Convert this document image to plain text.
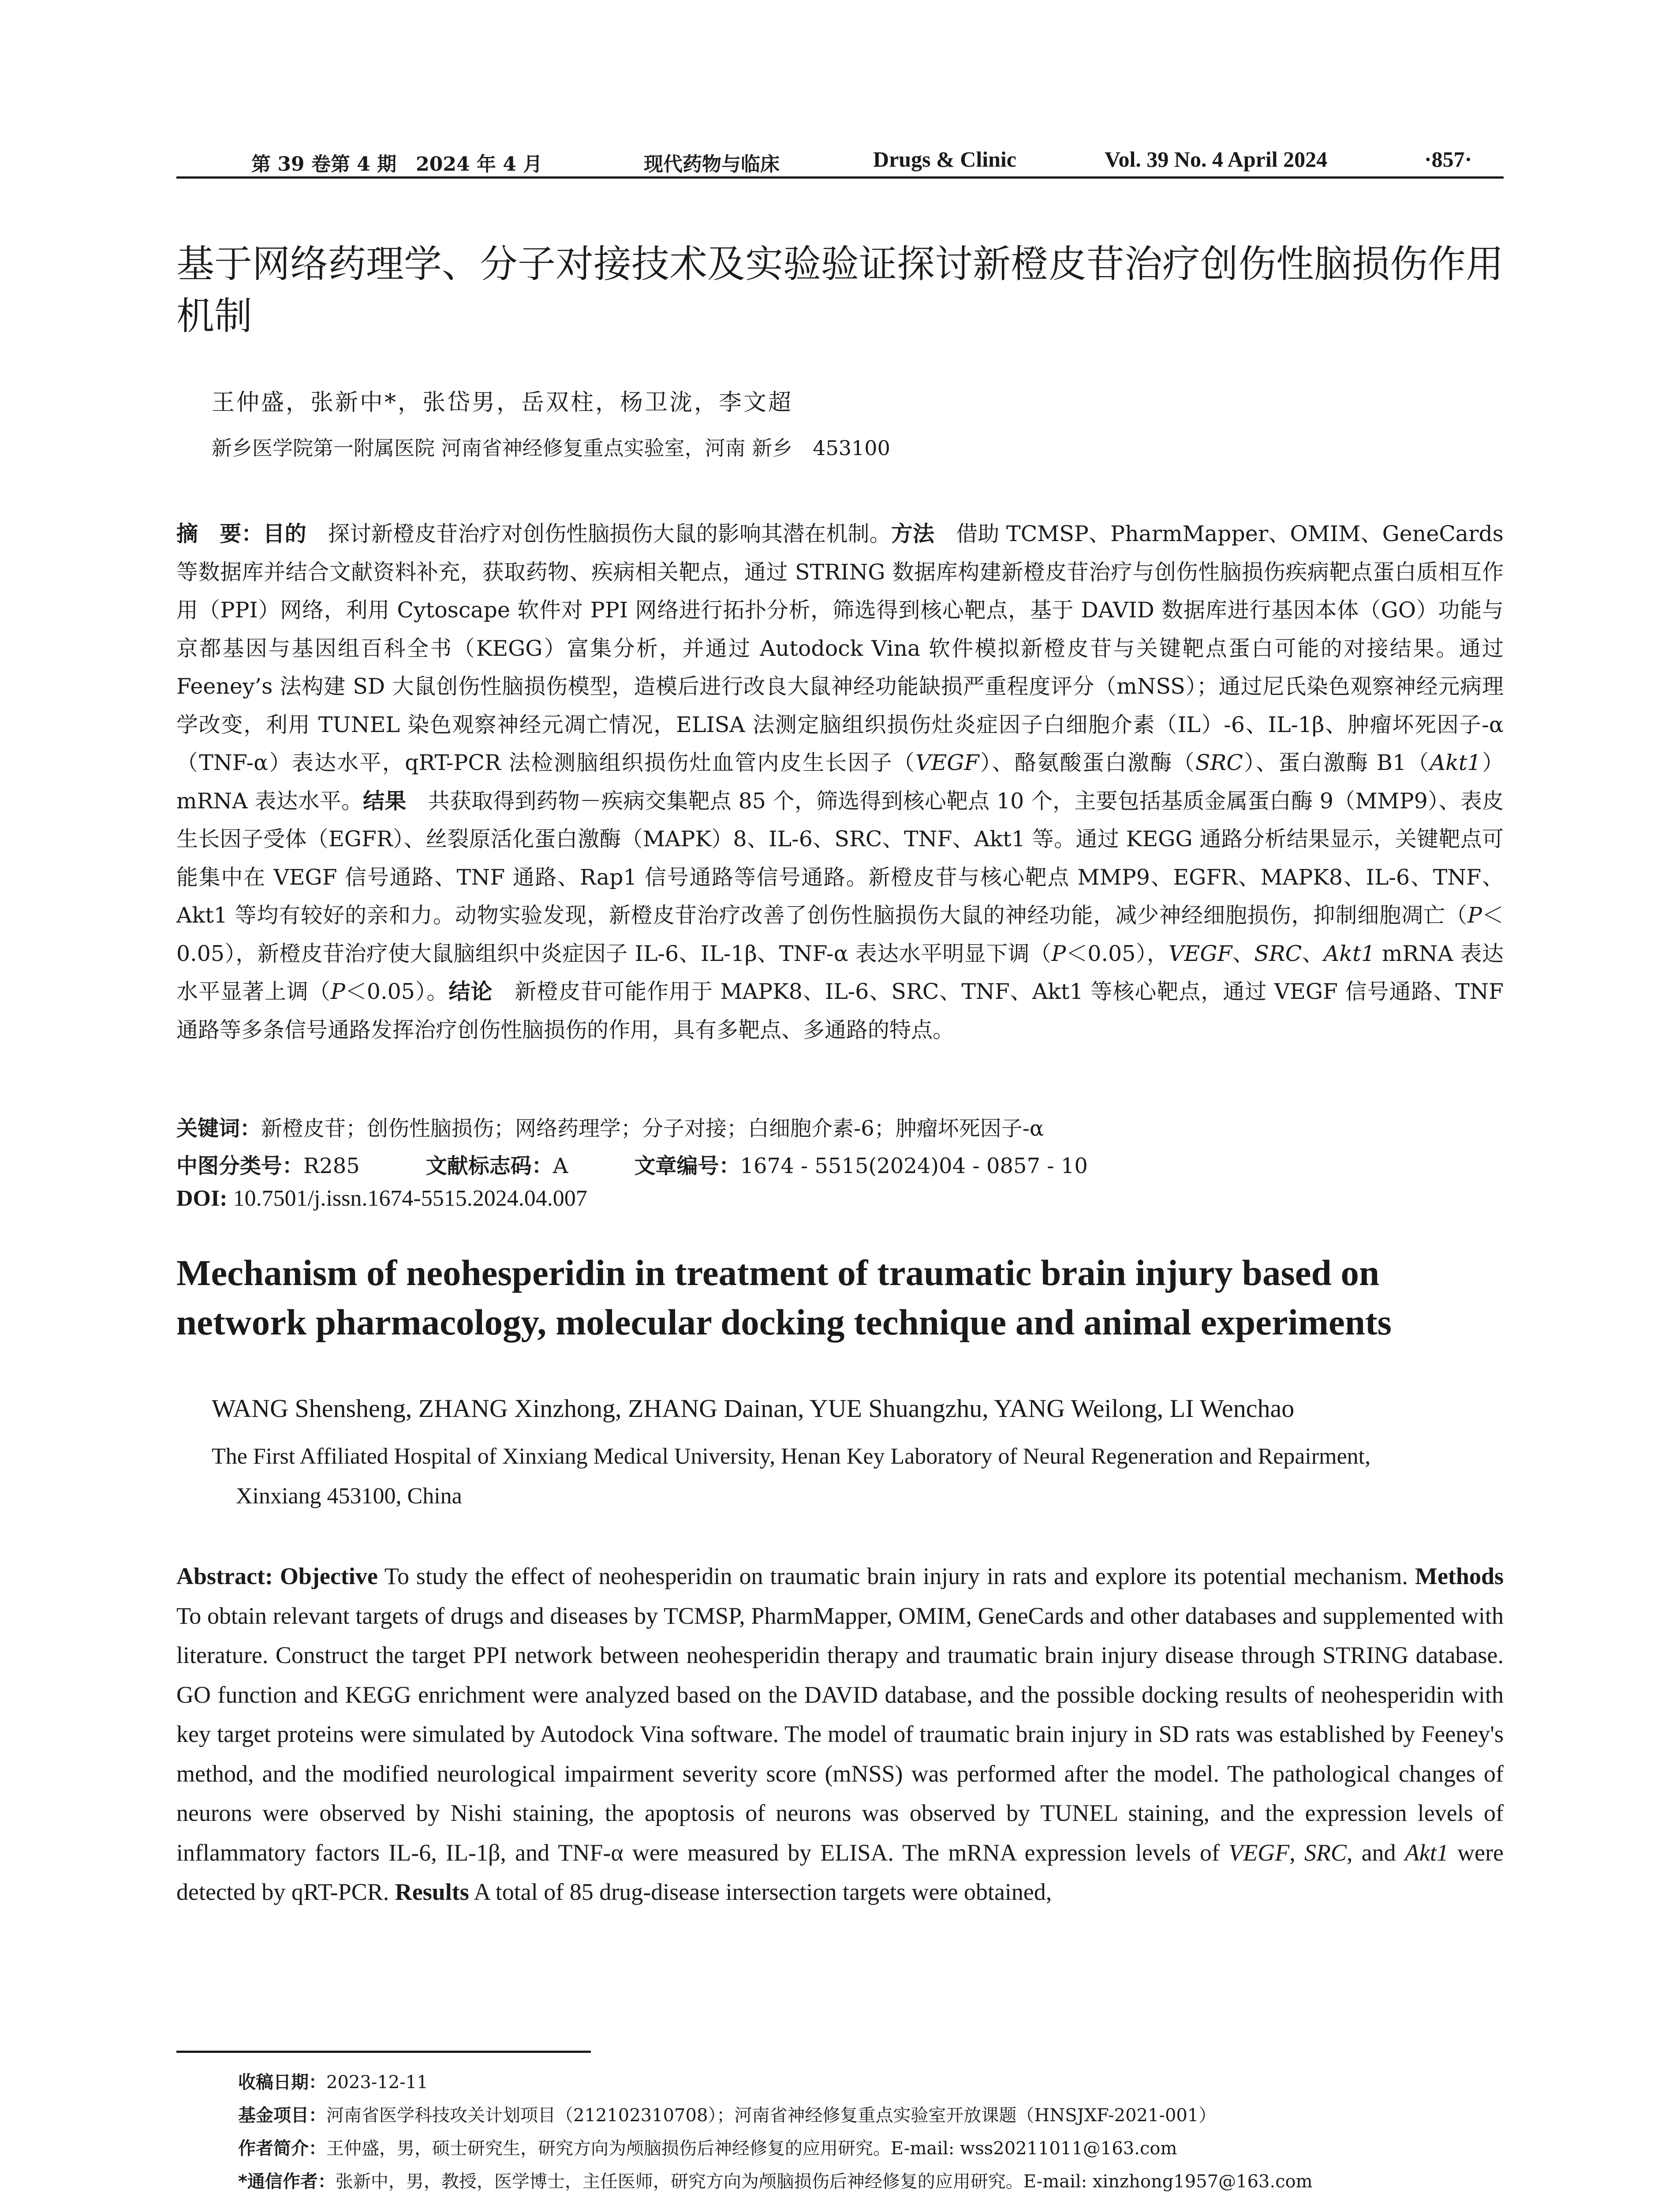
第 39 卷第 4 期　2024 年 4 月	现代药物与临床	Drugs & Clinic	Vol. 39 No. 4 April 2024	·857·
基于网络药理学、分子对接技术及实验验证探讨新橙皮苷治疗创伤性脑损伤作用机制
王仲盛，张新中*，张岱男，岳双柱，杨卫泷，李文超
新乡医学院第一附属医院 河南省神经修复重点实验室，河南 新乡　453100
摘　要：目的　探讨新橙皮苷治疗对创伤性脑损伤大鼠的影响其潜在机制。方法　借助 TCMSP、PharmMapper、OMIM、GeneCards 等数据库并结合文献资料补充，获取药物、疾病相关靶点，通过 STRING 数据库构建新橙皮苷治疗与创伤性脑损伤疾病靶点蛋白质相互作用（PPI）网络，利用 Cytoscape 软件对 PPI 网络进行拓扑分析，筛选得到核心靶点，基于 DAVID 数据库进行基因本体（GO）功能与京都基因与基因组百科全书（KEGG）富集分析，并通过 Autodock Vina 软件模拟新橙皮苷与关键靶点蛋白可能的对接结果。通过 Feeney’s 法构建 SD 大鼠创伤性脑损伤模型，造模后进行改良大鼠神经功能缺损严重程度评分（mNSS）；通过尼氏染色观察神经元病理学改变，利用 TUNEL 染色观察神经元凋亡情况，ELISA 法测定脑组织损伤灶炎症因子白细胞介素（IL）-6、IL-1β、肿瘤坏死因子-α（TNF-α）表达水平，qRT-PCR 法检测脑组织损伤灶血管内皮生长因子（VEGF）、酪氨酸蛋白激酶（SRC）、蛋白激酶 B1（Akt1）mRNA 表达水平。结果　共获取得到药物－疾病交集靶点 85 个，筛选得到核心靶点 10 个，主要包括基质金属蛋白酶 9（MMP9）、表皮生长因子受体（EGFR）、丝裂原活化蛋白激酶（MAPK）8、IL-6、SRC、TNF、Akt1 等。通过 KEGG 通路分析结果显示，关键靶点可能集中在 VEGF 信号通路、TNF 通路、Rap1 信号通路等信号通路。新橙皮苷与核心靶点 MMP9、EGFR、MAPK8、IL-6、TNF、Akt1 等均有较好的亲和力。动物实验发现，新橙皮苷治疗改善了创伤性脑损伤大鼠的神经功能，减少神经细胞损伤，抑制细胞凋亡（P＜0.05），新橙皮苷治疗使大鼠脑组织中炎症因子 IL-6、IL-1β、TNF-α 表达水平明显下调（P＜0.05），VEGF、SRC、Akt1 mRNA 表达水平显著上调（P＜0.05）。结论　新橙皮苷可能作用于 MAPK8、IL-6、SRC、TNF、Akt1 等核心靶点，通过 VEGF 信号通路、TNF 通路等多条信号通路发挥治疗创伤性脑损伤的作用，具有多靶点、多通路的特点。
关键词：新橙皮苷；创伤性脑损伤；网络药理学；分子对接；白细胞介素-6；肿瘤坏死因子-α
中图分类号：R285	文献标志码：A	文章编号：1674 - 5515(2024)04 - 0857 - 10
DOI: 10.7501/j.issn.1674-5515.2024.04.007
Mechanism of neohesperidin in treatment of traumatic brain injury based on network pharmacology, molecular docking technique and animal experiments
WANG Shensheng, ZHANG Xinzhong, ZHANG Dainan, YUE Shuangzhu, YANG Weilong, LI Wenchao
The First Affiliated Hospital of Xinxiang Medical University, Henan Key Laboratory of Neural Regeneration and Repairment,
Xinxiang 453100, China
Abstract: Objective To study the effect of neohesperidin on traumatic brain injury in rats and explore its potential mechanism. Methods To obtain relevant targets of drugs and diseases by TCMSP, PharmMapper, OMIM, GeneCards and other databases and supplemented with literature. Construct the target PPI network between neohesperidin therapy and traumatic brain injury disease through STRING database. GO function and KEGG enrichment were analyzed based on the DAVID database, and the possible docking results of neohesperidin with key target proteins were simulated by Autodock Vina software. The model of traumatic brain injury in SD rats was established by Feeney's method, and the modified neurological impairment severity score (mNSS) was performed after the model. The pathological changes of neurons were observed by Nishi staining, the apoptosis of neurons was observed by TUNEL staining, and the expression levels of inflammatory factors IL-6, IL-1β, and TNF-α were measured by ELISA. The mRNA expression levels of VEGF, SRC, and Akt1 were detected by qRT-PCR. Results A total of 85 drug-disease intersection targets were obtained,
收稿日期：2023-12-11
基金项目：河南省医学科技攻关计划项目（212102310708）；河南省神经修复重点实验室开放课题（HNSJXF-2021-001）
作者简介：王仲盛，男，硕士研究生，研究方向为颅脑损伤后神经修复的应用研究。E-mail: wss20211011@163.com
*通信作者：张新中，男，教授，医学博士，主任医师，研究方向为颅脑损伤后神经修复的应用研究。E-mail: xinzhong1957@163.com
